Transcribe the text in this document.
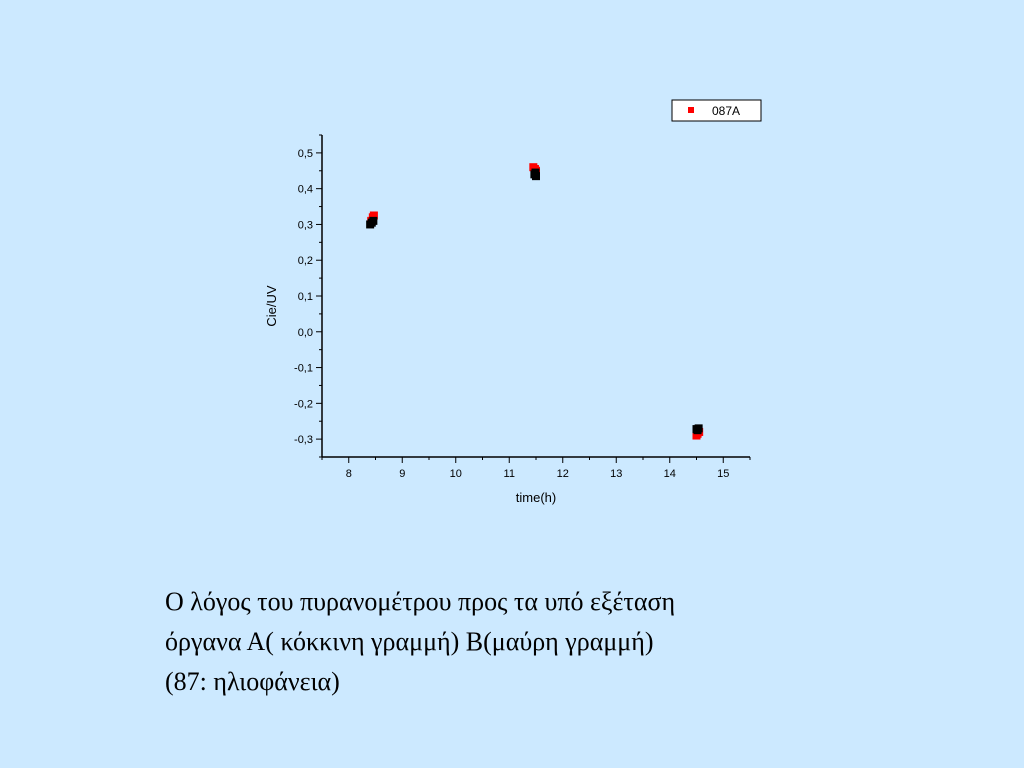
0,5
0,4
0,3
0,2
0,1
0,0
-0,1
-0,2
-0,3
8	9	10	11	12	13	14	15
time(h)
Cie/UV
087A
Ο λόγος του πυρανομέτρου προς τα υπό εξέταση
όργανα Α( κόκκινη γραμμή) Β(μαύρη γραμμή)
(87: ηλιοφάνεια)
